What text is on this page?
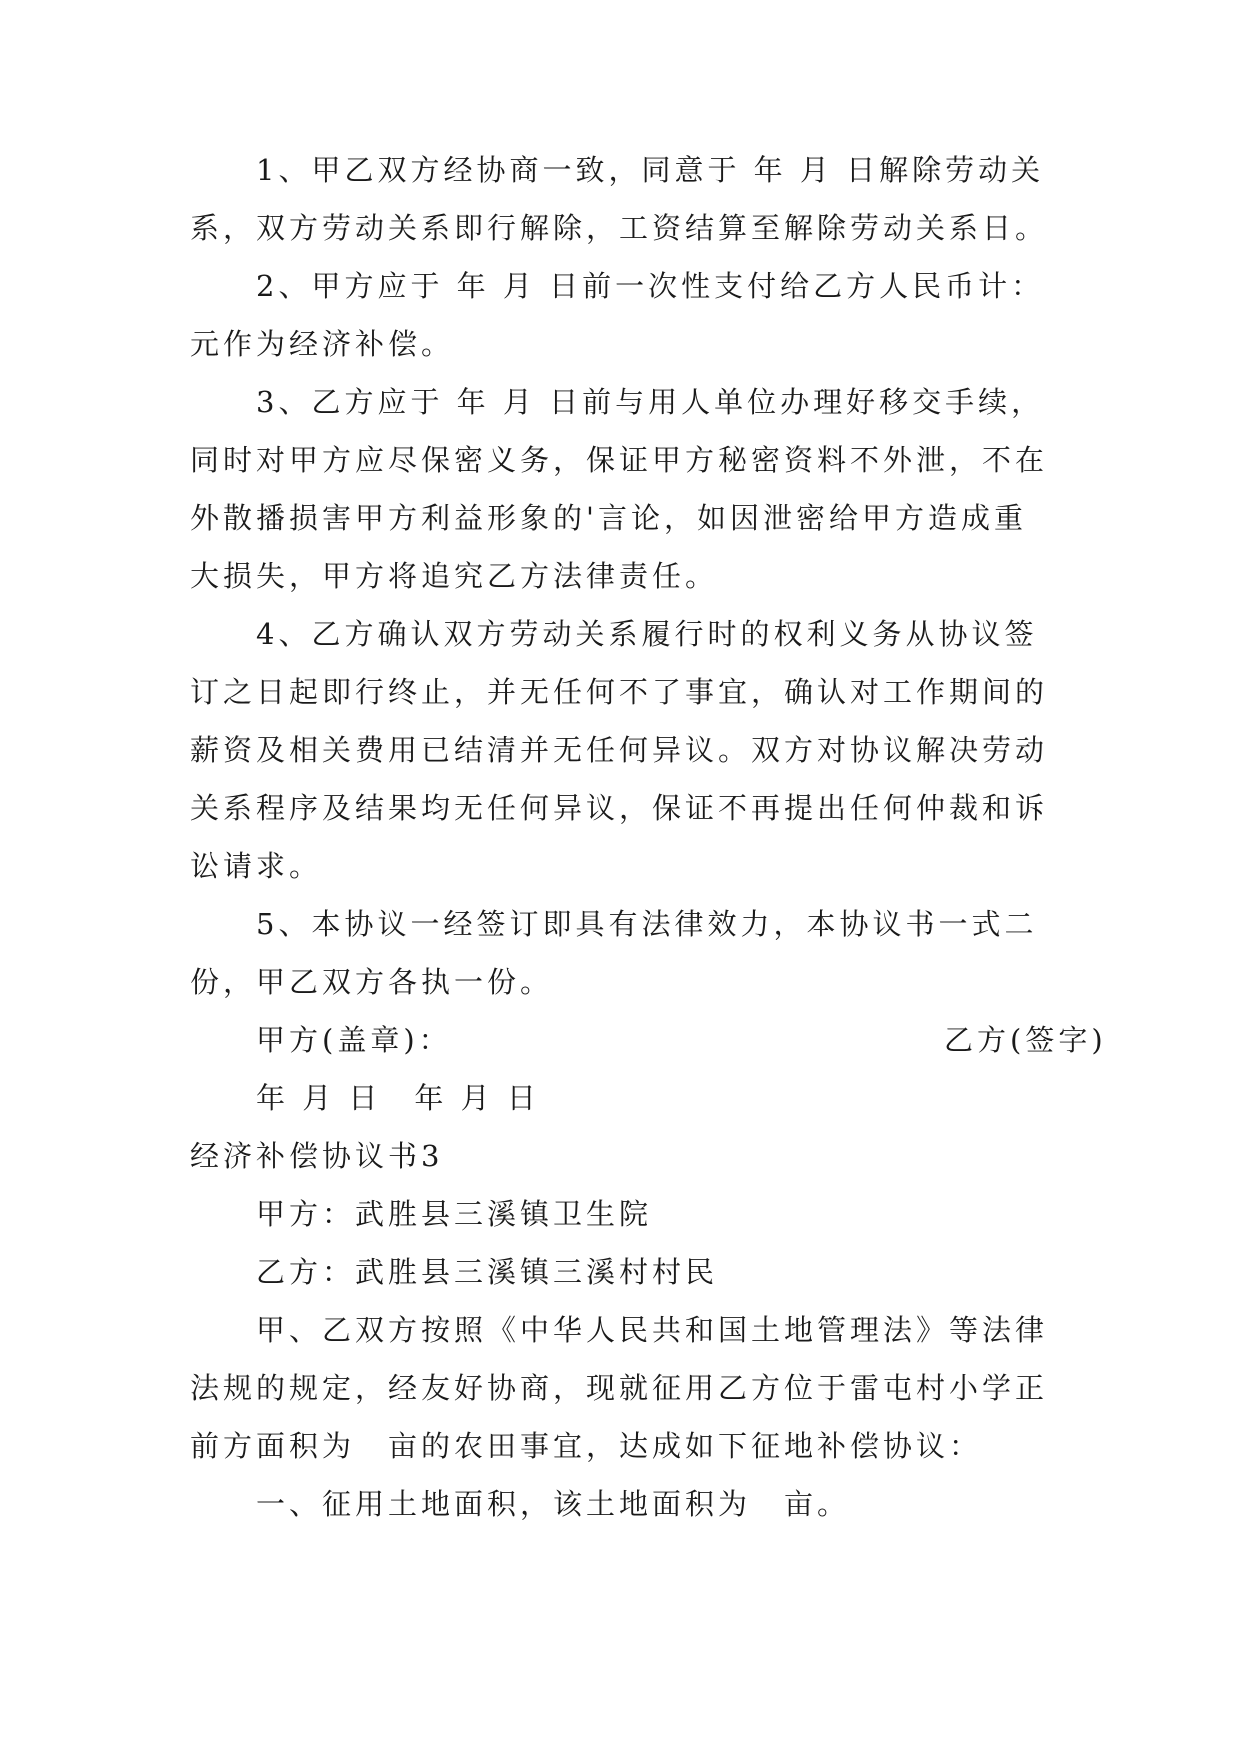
1、甲乙双方经协商一致，同意于 年 月 日解除劳动关
系，双方劳动关系即行解除，工资结算至解除劳动关系日。
2、甲方应于 年 月 日前一次性支付给乙方人民币计：
元作为经济补偿。
3、乙方应于 年 月 日前与用人单位办理好移交手续，
同时对甲方应尽保密义务，保证甲方秘密资料不外泄，不在
外散播损害甲方利益形象的'言论，如因泄密给甲方造成重
大损失，甲方将追究乙方法律责任。
4、乙方确认双方劳动关系履行时的权利义务从协议签
订之日起即行终止，并无任何不了事宜，确认对工作期间的
薪资及相关费用已结清并无任何异议。双方对协议解决劳动
关系程序及结果均无任何异议，保证不再提出任何仲裁和诉
讼请求。
5、本协议一经签订即具有法律效力，本协议书一式二
份，甲乙双方各执一份。
甲方(盖章)：	乙方(签字)
年 月 日　年 月 日
经济补偿协议书3
甲方：武胜县三溪镇卫生院
乙方：武胜县三溪镇三溪村村民
甲、乙双方按照《中华人民共和国土地管理法》等法律
法规的规定，经友好协商，现就征用乙方位于雷屯村小学正
前方面积为　亩的农田事宜，达成如下征地补偿协议：
一、征用土地面积，该土地面积为　亩。
